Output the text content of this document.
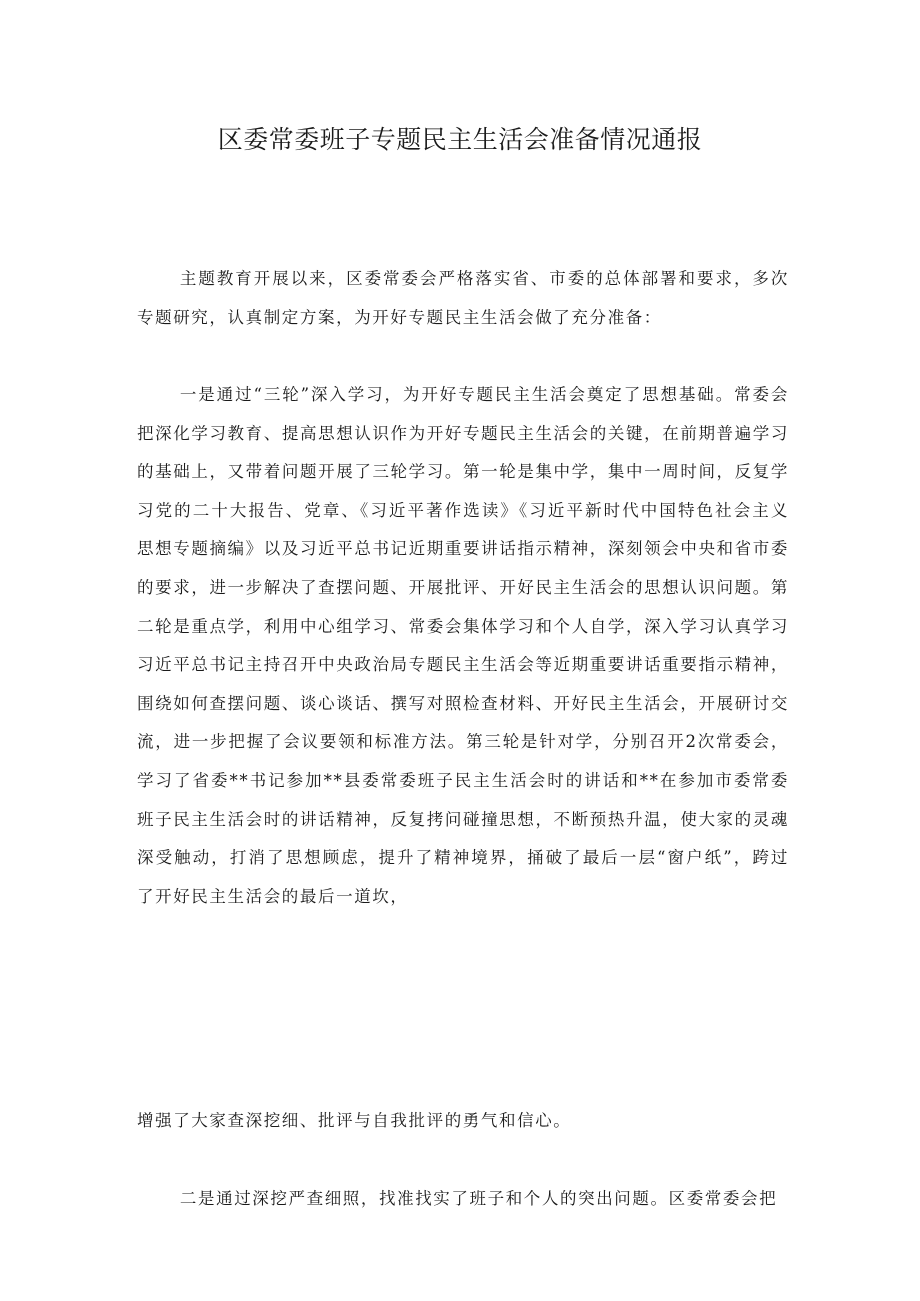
区委常委班子专题民主生活会准备情况通报

主题教育开展以来，区委常委会严格落实省、市委的总体部署和要求，多次专题研究，认真制定方案，为开好专题民主生活会做了充分准备：

一是通过“三轮”深入学习，为开好专题民主生活会奠定了思想基础。常委会把深化学习教育、提高思想认识作为开好专题民主生活会的关键，在前期普遍学习的基础上，又带着问题开展了三轮学习。第一轮是集中学，集中一周时间，反复学习党的二十大报告、党章、《习近平著作选读》《习近平新时代中国特色社会主义思想专题摘编》以及习近平总书记近期重要讲话指示精神，深刻领会中央和省市委的要求，进一步解决了查摆问题、开展批评、开好民主生活会的思想认识问题。第二轮是重点学，利用中心组学习、常委会集体学习和个人自学，深入学习认真学习习近平总书记主持召开中央政治局专题民主生活会等近期重要讲话重要指示精神，围绕如何查摆问题、谈心谈话、撰写对照检查材料、开好民主生活会，开展研讨交流，进一步把握了会议要领和标准方法。第三轮是针对学，分别召开2次常委会，学习了省委**书记参加**县委常委班子民主生活会时的讲话和**在参加市委常委班子民主生活会时的讲话精神，反复拷问碰撞思想，不断预热升温，使大家的灵魂深受触动，打消了思想顾虑，提升了精神境界，捅破了最后一层“窗户纸”，跨过了开好民主生活会的最后一道坎，

增强了大家查深挖细、批评与自我批评的勇气和信心。

二是通过深挖严查细照，找准找实了班子和个人的突出问题。区委常委会把
